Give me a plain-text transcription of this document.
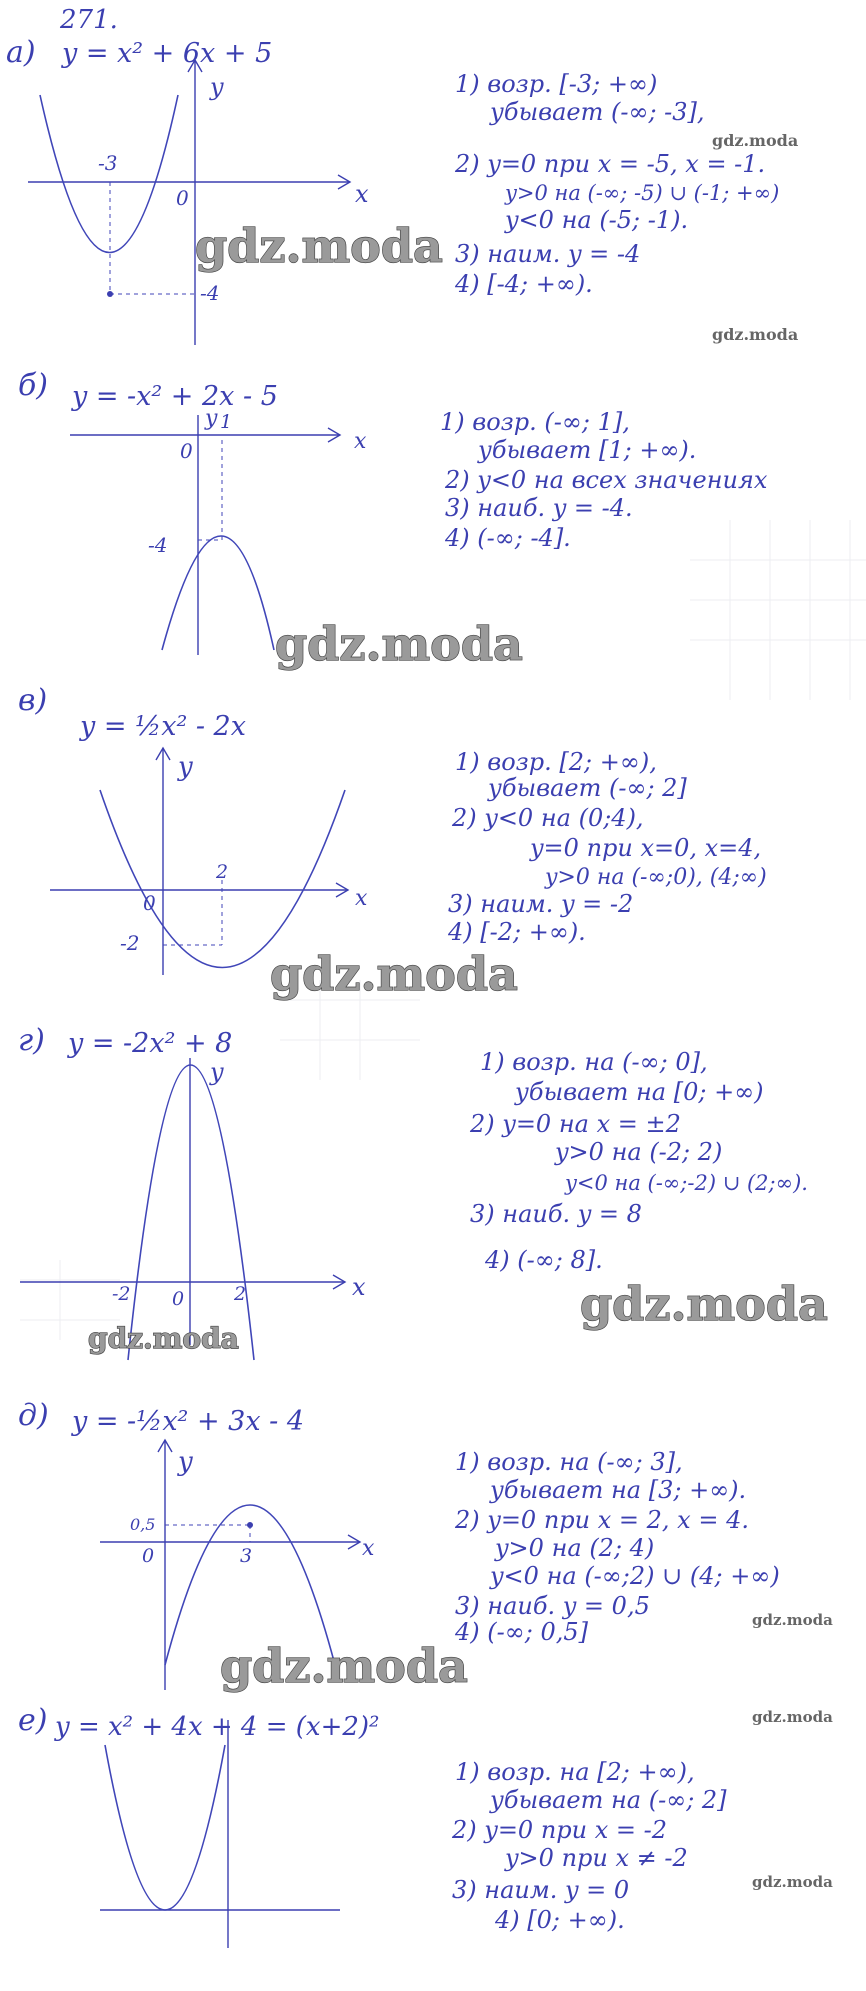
271.
а) y = x² + 6x + 5
x
y
-3
0
-4
1) возр. [-3; +∞)
убывает (-∞; -3],
2) y=0 при x = -5, x = -1.
y>0 на (-∞; -5) ∪ (-1; +∞)
y<0 на (-5; -1).
3) наим. y = -4
4) [-4; +∞).
б) y = -x² + 2x - 5
x
y 1
0
-4
1) возр. (-∞; 1],
убывает [1; +∞).
2) y<0 на всех значениях
3) наиб. y = -4.
4) (-∞; -4].
в)
y = ½x² - 2x
x
y
2
0
-2
1) возр. [2; +∞),
убывает (-∞; 2]
2) y<0 на (0;4),
y=0 при x=0, x=4,
y>0 на (-∞;0), (4;∞)
3) наим. y = -2
4) [-2; +∞).
г) y = -2x² + 8
x
y
-2 0	2
1) возр. на (-∞; 0],
убывает на [0; +∞)
2) y=0 на x = ±2
y>0 на (-2; 2)
y<0 на (-∞;-2) ∪ (2;∞).
3) наиб. y = 8
4) (-∞; 8].
д) y = -½x² + 3x - 4
x
y
0,5
0	3
1) возр. на (-∞; 3],
убывает на [3; +∞).
2) y=0 при x = 2, x = 4.
y>0 на (2; 4)
y<0 на (-∞;2) ∪ (4; +∞)
3) наиб. y = 0,5
4) (-∞; 0,5]
е) y = x² + 4x + 4 = (x+2)²
1) возр. на [2; +∞),
убывает на (-∞; 2]
2) y=0 при x = -2
y>0 при x ≠ -2
3) наим. y = 0
4) [0; +∞).
gdz.moda
gdz.moda
gdz.moda
gdz.moda
gdz.moda
gdz.moda
gdz.moda
gdz.moda
gdz.moda
gdz.moda
gdz.moda
